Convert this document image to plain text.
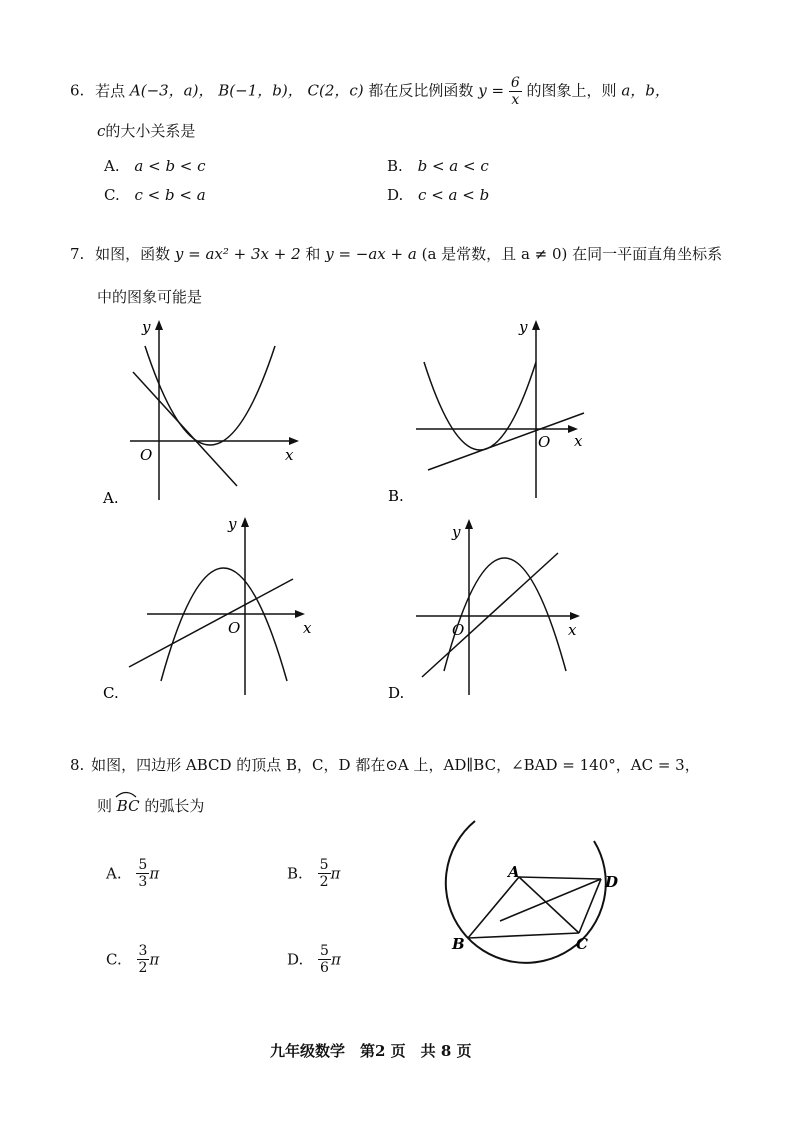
6. 若点 A(−3，a)， B(−1，b)， C(2，c) 都在反比例函数 $y = \frac{6}{x}$ 的图象上，则 a，b，
c的大小关系是
A. a < b < c	B. b < a < c
C. c < b < a	D. c < a < b
7. 如图，函数 y = ax² + 3x + 2 和 y = −ax + a (a 是常数，且 a ≠ 0) 在同一平面直角坐标系
中的图象可能是
y
x
O
A.
y
x
O
B.
y
x
O
C.
y
x
O
D.
8. 如图，四边形 ABCD 的顶点 B，C，D 都在⊙A 上，AD∥BC，∠BAD = 140°，AC = 3，
则 BC 的弧长为
A. $\frac{5}{3}$ π	B. $\frac{5}{2}$ π
C. $\frac{3}{2}$ π	D. $\frac{5}{6}$ π
A
B	C
D
九年级数学　第2 页　共 8 页
